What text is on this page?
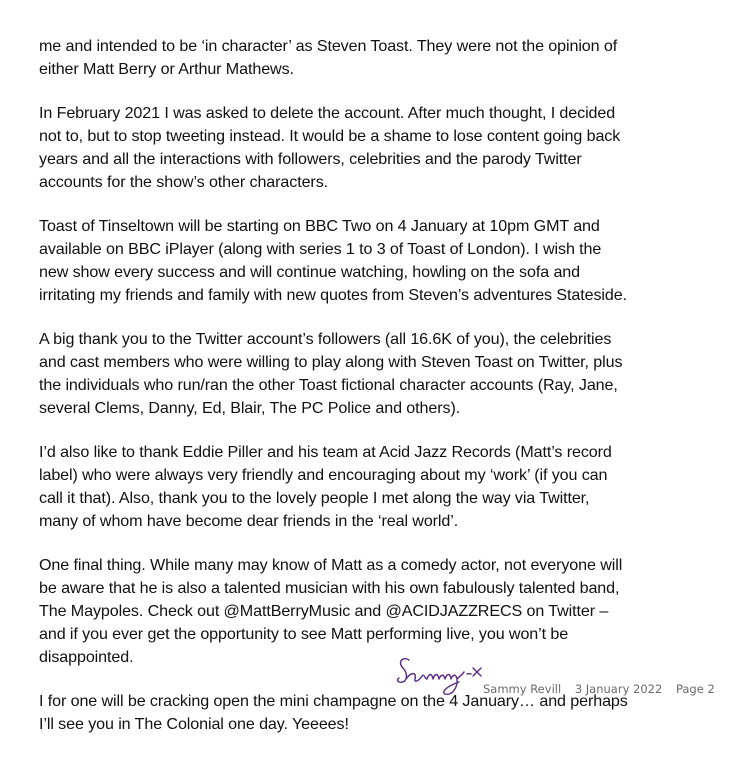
me and intended to be ‘in character’ as Steven Toast. They were not the opinion of
either Matt Berry or Arthur Mathews.

In February 2021 I was asked to delete the account. After much thought, I decided
not to, but to stop tweeting instead. It would be a shame to lose content going back
years and all the interactions with followers, celebrities and the parody Twitter
accounts for the show’s other characters.

Toast of Tinseltown will be starting on BBC Two on 4 January at 10pm GMT and
available on BBC iPlayer (along with series 1 to 3 of Toast of London). I wish the
new show every success and will continue watching, howling on the sofa and
irritating my friends and family with new quotes from Steven’s adventures Stateside.

A big thank you to the Twitter account’s followers (all 16.6K of you), the celebrities
and cast members who were willing to play along with Steven Toast on Twitter, plus
the individuals who run/ran the other Toast fictional character accounts (Ray, Jane,
several Clems, Danny, Ed, Blair, The PC Police and others).

I’d also like to thank Eddie Piller and his team at Acid Jazz Records (Matt’s record
label) who were always very friendly and encouraging about my ‘work’ (if you can
call it that). Also, thank you to the lovely people I met along the way via Twitter,
many of whom have become dear friends in the ‘real world’.

One final thing. While many may know of Matt as a comedy actor, not everyone will
be aware that he is also a talented musician with his own fabulously talented band,
The Maypoles. Check out @MattBerryMusic and @ACIDJAZZRECS on Twitter –
and if you ever get the opportunity to see Matt performing live, you won’t be
disappointed.

I for one will be cracking open the mini champagne on the 4 January… and perhaps
I’ll see you in The Colonial one day. Yeeees!

Sammy Revill 3 January 2022 Page 2
